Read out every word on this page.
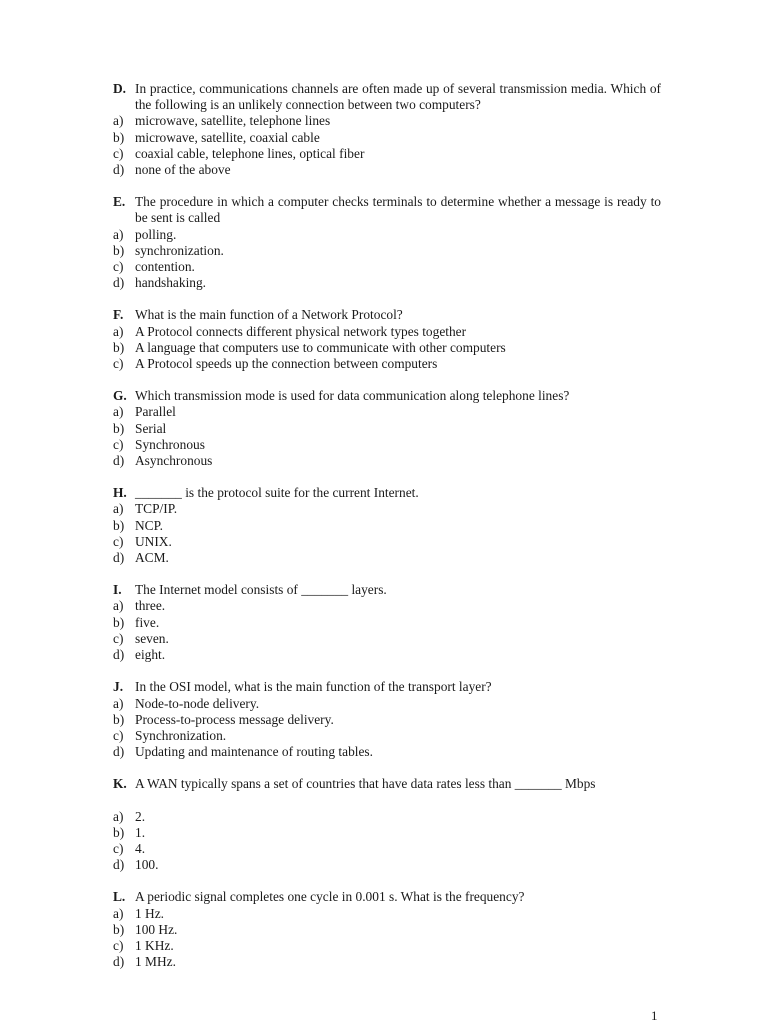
D. In practice, communications channels are often made up of several transmission media. Which of the following is an unlikely connection between two computers?
a) microwave, satellite, telephone lines
b) microwave, satellite, coaxial cable
c) coaxial cable, telephone lines, optical fiber
d) none of the above
E. The procedure in which a computer checks terminals to determine whether a message is ready to be sent is called
a) polling.
b) synchronization.
c) contention.
d) handshaking.
F. What is the main function of a Network Protocol?
a) A Protocol connects different physical network types together
b) A language that computers use to communicate with other computers
c) A Protocol speeds up the connection between computers
G. Which transmission mode is used for data communication along telephone lines?
a) Parallel
b) Serial
c) Synchronous
d) Asynchronous
H. _______ is the protocol suite for the current Internet.
a) TCP/IP.
b) NCP.
c) UNIX.
d) ACM.
I.	The Internet model consists of _______ layers.
a) three.
b) five.
c) seven.
d) eight.
J. In the OSI model, what is the main function of the transport layer?
a) Node-to-node delivery.
b) Process-to-process message delivery.
c) Synchronization.
d) Updating and maintenance of routing tables.
K. A WAN typically spans a set of countries that have data rates less than _______ Mbps
a) 2.
b) 1.
c) 4.
d) 100.
L. A periodic signal completes one cycle in 0.001 s. What is the frequency?
a) 1 Hz.
b) 100 Hz.
c) 1 KHz.
d) 1 MHz.
1
